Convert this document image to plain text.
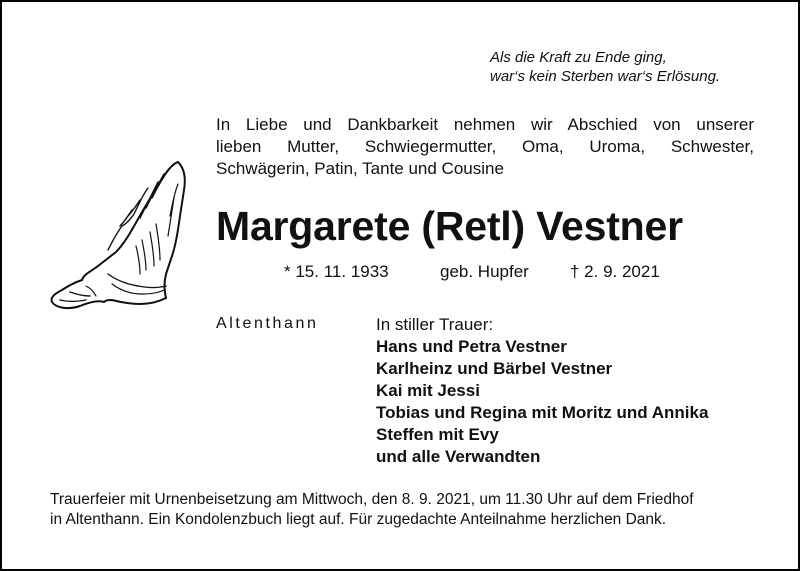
Als die Kraft zu Ende ging,
war‘s kein Sterben war‘s Erlösung.
In Liebe und Dankbarkeit nehmen wir Abschied von unserer
lieben Mutter, Schwiegermutter, Oma, Uroma, Schwester,
Schwägerin, Patin, Tante und Cousine
Margarete (Retl) Vestner
* 15. 11. 1933	geb. Hupfer † 2. 9. 2021
Altenthann	In stiller Trauer:
Hans und Petra Vestner
Karlheinz und Bärbel Vestner
Kai mit Jessi
Tobias und Regina mit Moritz und Annika
Steffen mit Evy
und alle Verwandten
Trauerfeier mit Urnenbeisetzung am Mittwoch, den 8. 9. 2021, um 11.30 Uhr auf dem Friedhof
in Altenthann. Ein Kondolenzbuch liegt auf. Für zugedachte Anteilnahme herzlichen Dank.
